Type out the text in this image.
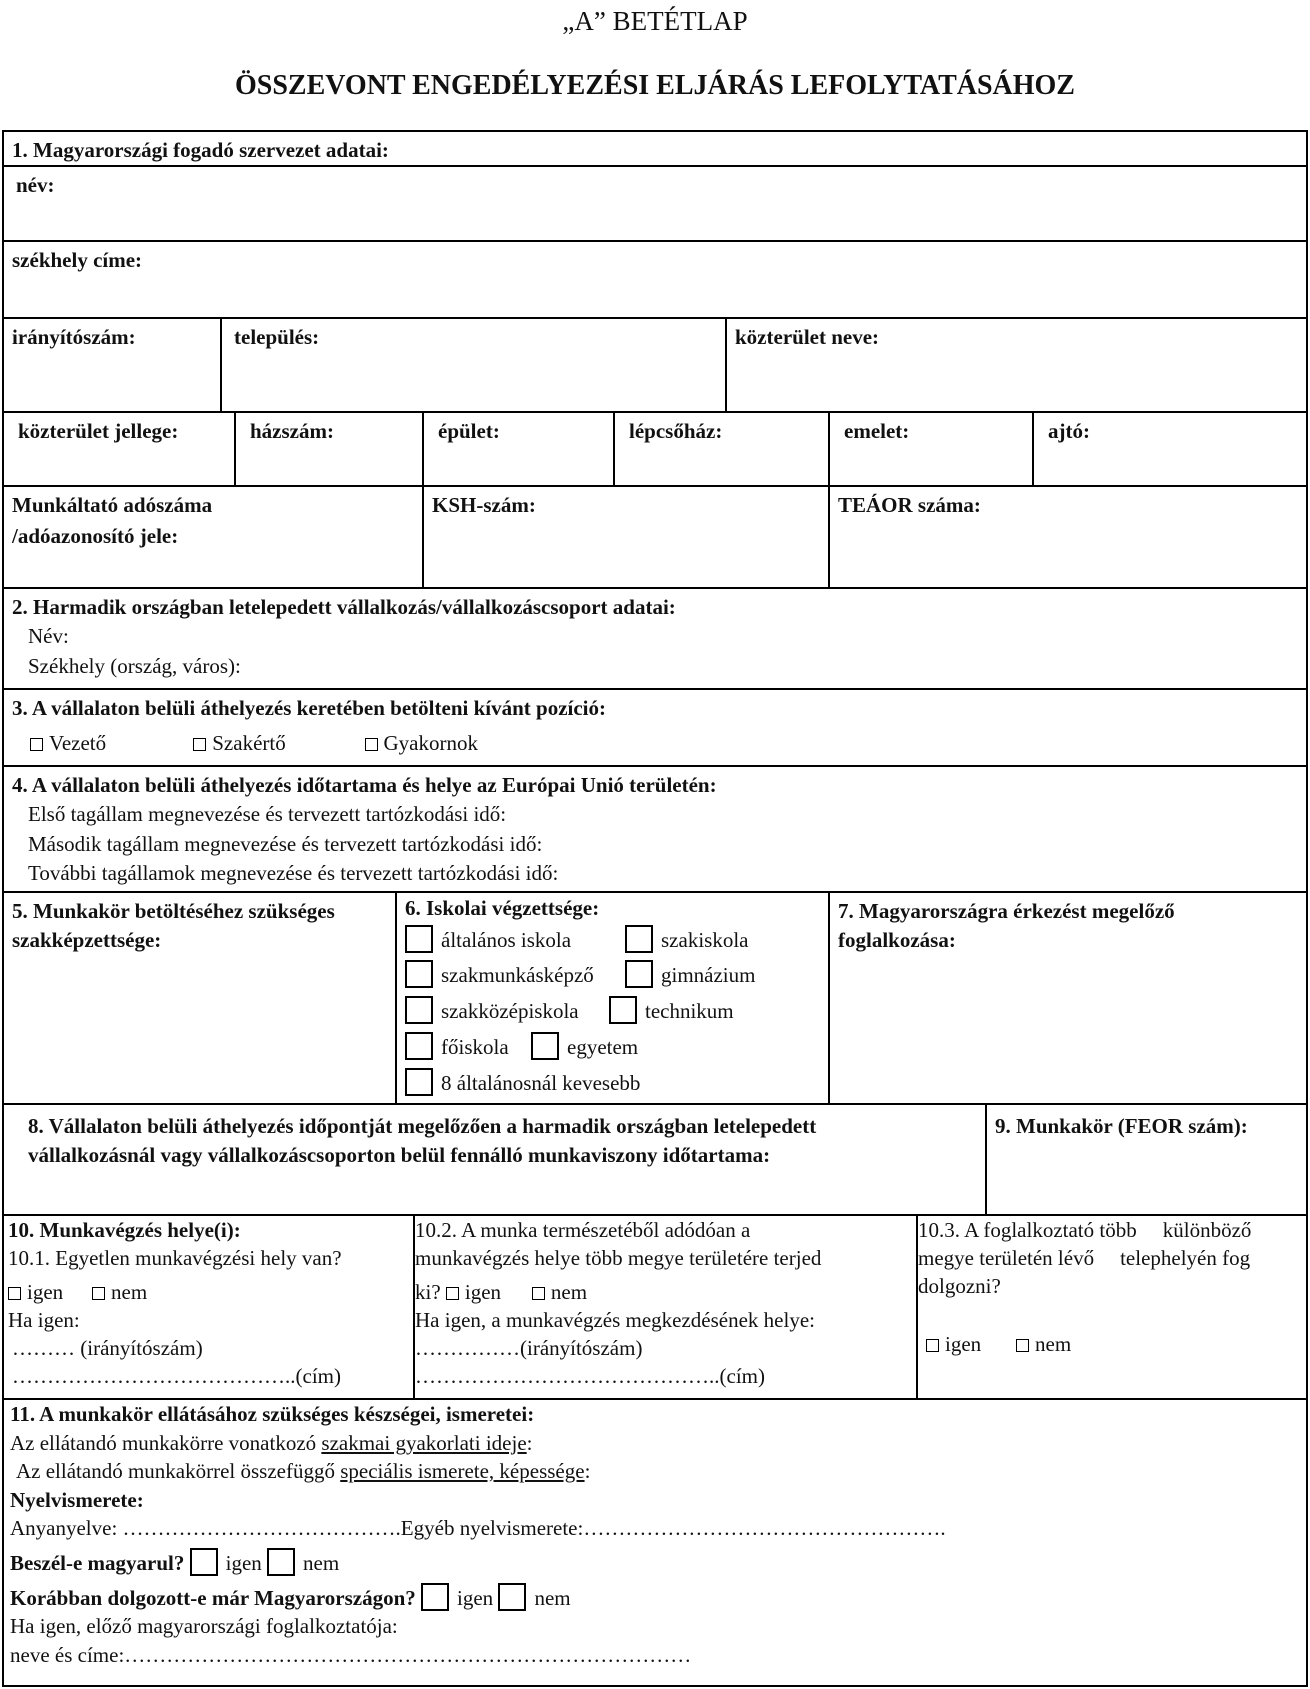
„A” BETÉTLAP
ÖSSZEVONT ENGEDÉLYEZÉSI ELJÁRÁS LEFOLYTATÁSÁHOZ
1. Magyarországi fogadó szervezet adatai:
név:
székhely címe:
irányítószám:	település:	közterület neve:
közterület jellege:	házszám:	épület:	lépcsőház:	emelet:	ajtó:
Munkáltató adószáma
/adóazonosító jele:
KSH-szám:	TEÁOR száma:
2. Harmadik országban letelepedett vállalkozás/vállalkozáscsoport adatai:
Név:
Székhely (ország, város):
3. A vállalaton belüli áthelyezés keretében betölteni kívánt pozíció:
Vezető	Szakértő	Gyakornok
4. A vállalaton belüli áthelyezés időtartama és helye az Európai Unió területén:
Első tagállam megnevezése és tervezett tartózkodási idő:
Második tagállam megnevezése és tervezett tartózkodási idő:
További tagállamok megnevezése és tervezett tartózkodási idő:
5. Munkakör betöltéséhez szükséges
szakképzettsége:
6. Iskolai végzettsége:
általános iskola	szakiskola
szakmunkásképző	gimnázium
szakközépiskola	technikum
főiskola	egyetem
8 általánosnál kevesebb
7. Magyarországra érkezést megelőző
foglalkozása:
8. Vállalaton belüli áthelyezés időpontját megelőzően a harmadik országban letelepedett
vállalkozásnál vagy vállalkozáscsoporton belül fennálló munkaviszony időtartama:
9. Munkakör (FEOR szám):
10. Munkavégzés helye(i):
10.1. Egyetlen munkavégzési hely van?
igen nem
Ha igen:
……… (irányítószám)
…………………………………..(cím)
10.2. A munka természetéből adódóan a
munkavégzés helye több megye területére terjed
ki? igen nem
Ha igen, a munkavégzés megkezdésének helye:
……………(irányítószám)
……………………………………..(cím)
10.3. A foglalkoztató több különböző
megye területén lévő telephelyén fog
dolgozni?
igen	nem
11. A munkakör ellátásához szükséges készségei, ismeretei:
Az ellátandó munkakörre vonatkozó szakmai gyakorlati ideje:
Az ellátandó munkakörrel összefüggő speciális ismerete, képessége:
Nyelvismerete:
Anyanyelve: ………………………………….Egyéb nyelvismerete:…………………………………………….
Beszél-e magyarul? igen nem
Korábban dolgozott-e már Magyarországon? igen nem
Ha igen, előző magyarországi foglalkoztatója:
neve és címe:………………………………………………………………………
